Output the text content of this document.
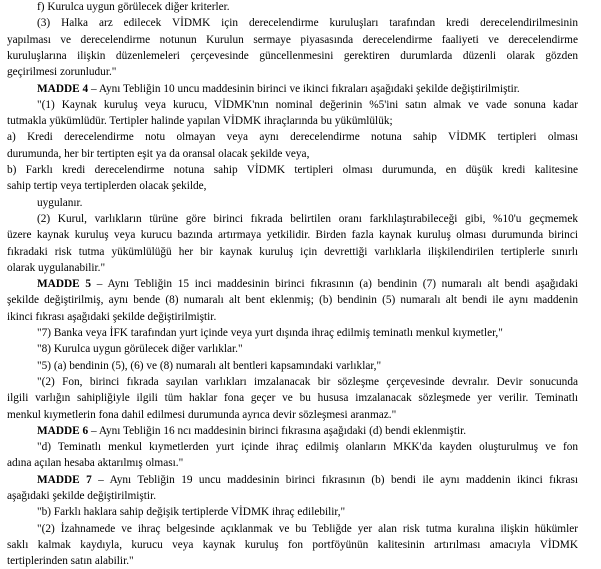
f) Kurulca uygun görülecek diğer kriterler.
(3) Halka arz edilecek VİDMK için derecelendirme kuruluşları tarafından kredi derecelendirilmesinin
yapılması ve derecelendirme notunun Kurulun sermaye piyasasında derecelendirme faaliyeti ve derecelendirme
kuruluşlarına ilişkin düzenlemeleri çerçevesinde güncellenmesini gerektiren durumlarda düzenli olarak gözden
geçirilmesi zorunludur."
MADDE 4 – Aynı Tebliğin 10 uncu maddesinin birinci ve ikinci fıkraları aşağıdaki şekilde değiştirilmiştir.
"(1) Kaynak kuruluş veya kurucu, VİDMK'nın nominal değerinin %5'ini satın almak ve vade sonuna kadar
tutmakla yükümlüdür. Tertipler halinde yapılan VİDMK ihraçlarında bu yükümlülük;
a) Kredi derecelendirme notu olmayan veya aynı derecelendirme notuna sahip VİDMK tertipleri olması
durumunda, her bir tertipten eşit ya da oransal olacak şekilde veya,
b) Farklı kredi derecelendirme notuna sahip VİDMK tertipleri olması durumunda, en düşük kredi kalitesine
sahip tertip veya tertiplerden olacak şekilde,
uygulanır.
(2) Kurul, varlıkların türüne göre birinci fıkrada belirtilen oranı farklılaştırabileceği gibi, %10'u geçmemek
üzere kaynak kuruluş veya kurucu bazında artırmaya yetkilidir. Birden fazla kaynak kuruluş olması durumunda birinci
fıkradaki risk tutma yükümlülüğü her bir kaynak kuruluş için devrettiği varlıklarla ilişkilendirilen tertiplerle sınırlı
olarak uygulanabilir."
MADDE 5 – Aynı Tebliğin 15 inci maddesinin birinci fıkrasının (a) bendinin (7) numaralı alt bendi aşağıdaki
şekilde değiştirilmiş, aynı bende (8) numaralı alt bent eklenmiş; (b) bendinin (5) numaralı alt bendi ile aynı maddenin
ikinci fıkrası aşağıdaki şekilde değiştirilmiştir.
"7) Banka veya İFK tarafından yurt içinde veya yurt dışında ihraç edilmiş teminatlı menkul kıymetler,"
"8) Kurulca uygun görülecek diğer varlıklar."
"5) (a) bendinin (5), (6) ve (8) numaralı alt bentleri kapsamındaki varlıklar,"
"(2) Fon, birinci fıkrada sayılan varlıkları imzalanacak bir sözleşme çerçevesinde devralır. Devir sonucunda
ilgili varlığın sahipliğiyle ilgili tüm haklar fona geçer ve bu hususa imzalanacak sözleşmede yer verilir. Teminatlı
menkul kıymetlerin fona dahil edilmesi durumunda ayrıca devir sözleşmesi aranmaz."
MADDE 6 – Aynı Tebliğin 16 ncı maddesinin birinci fıkrasına aşağıdaki (d) bendi eklenmiştir.
"d) Teminatlı menkul kıymetlerden yurt içinde ihraç edilmiş olanların MKK'da kayden oluşturulmuş ve fon
adına açılan hesaba aktarılmış olması."
MADDE 7 – Aynı Tebliğin 19 uncu maddesinin birinci fıkrasının (b) bendi ile aynı maddenin ikinci fıkrası
aşağıdaki şekilde değiştirilmiştir.
"b) Farklı haklara sahip değişik tertiplerde VİDMK ihraç edilebilir,"
"(2) İzahnamede ve ihraç belgesinde açıklanmak ve bu Tebliğde yer alan risk tutma kuralına ilişkin hükümler
saklı kalmak kaydıyla, kurucu veya kaynak kuruluş fon portföyünün kalitesinin artırılması amacıyla VİDMK
tertiplerinden satın alabilir."
